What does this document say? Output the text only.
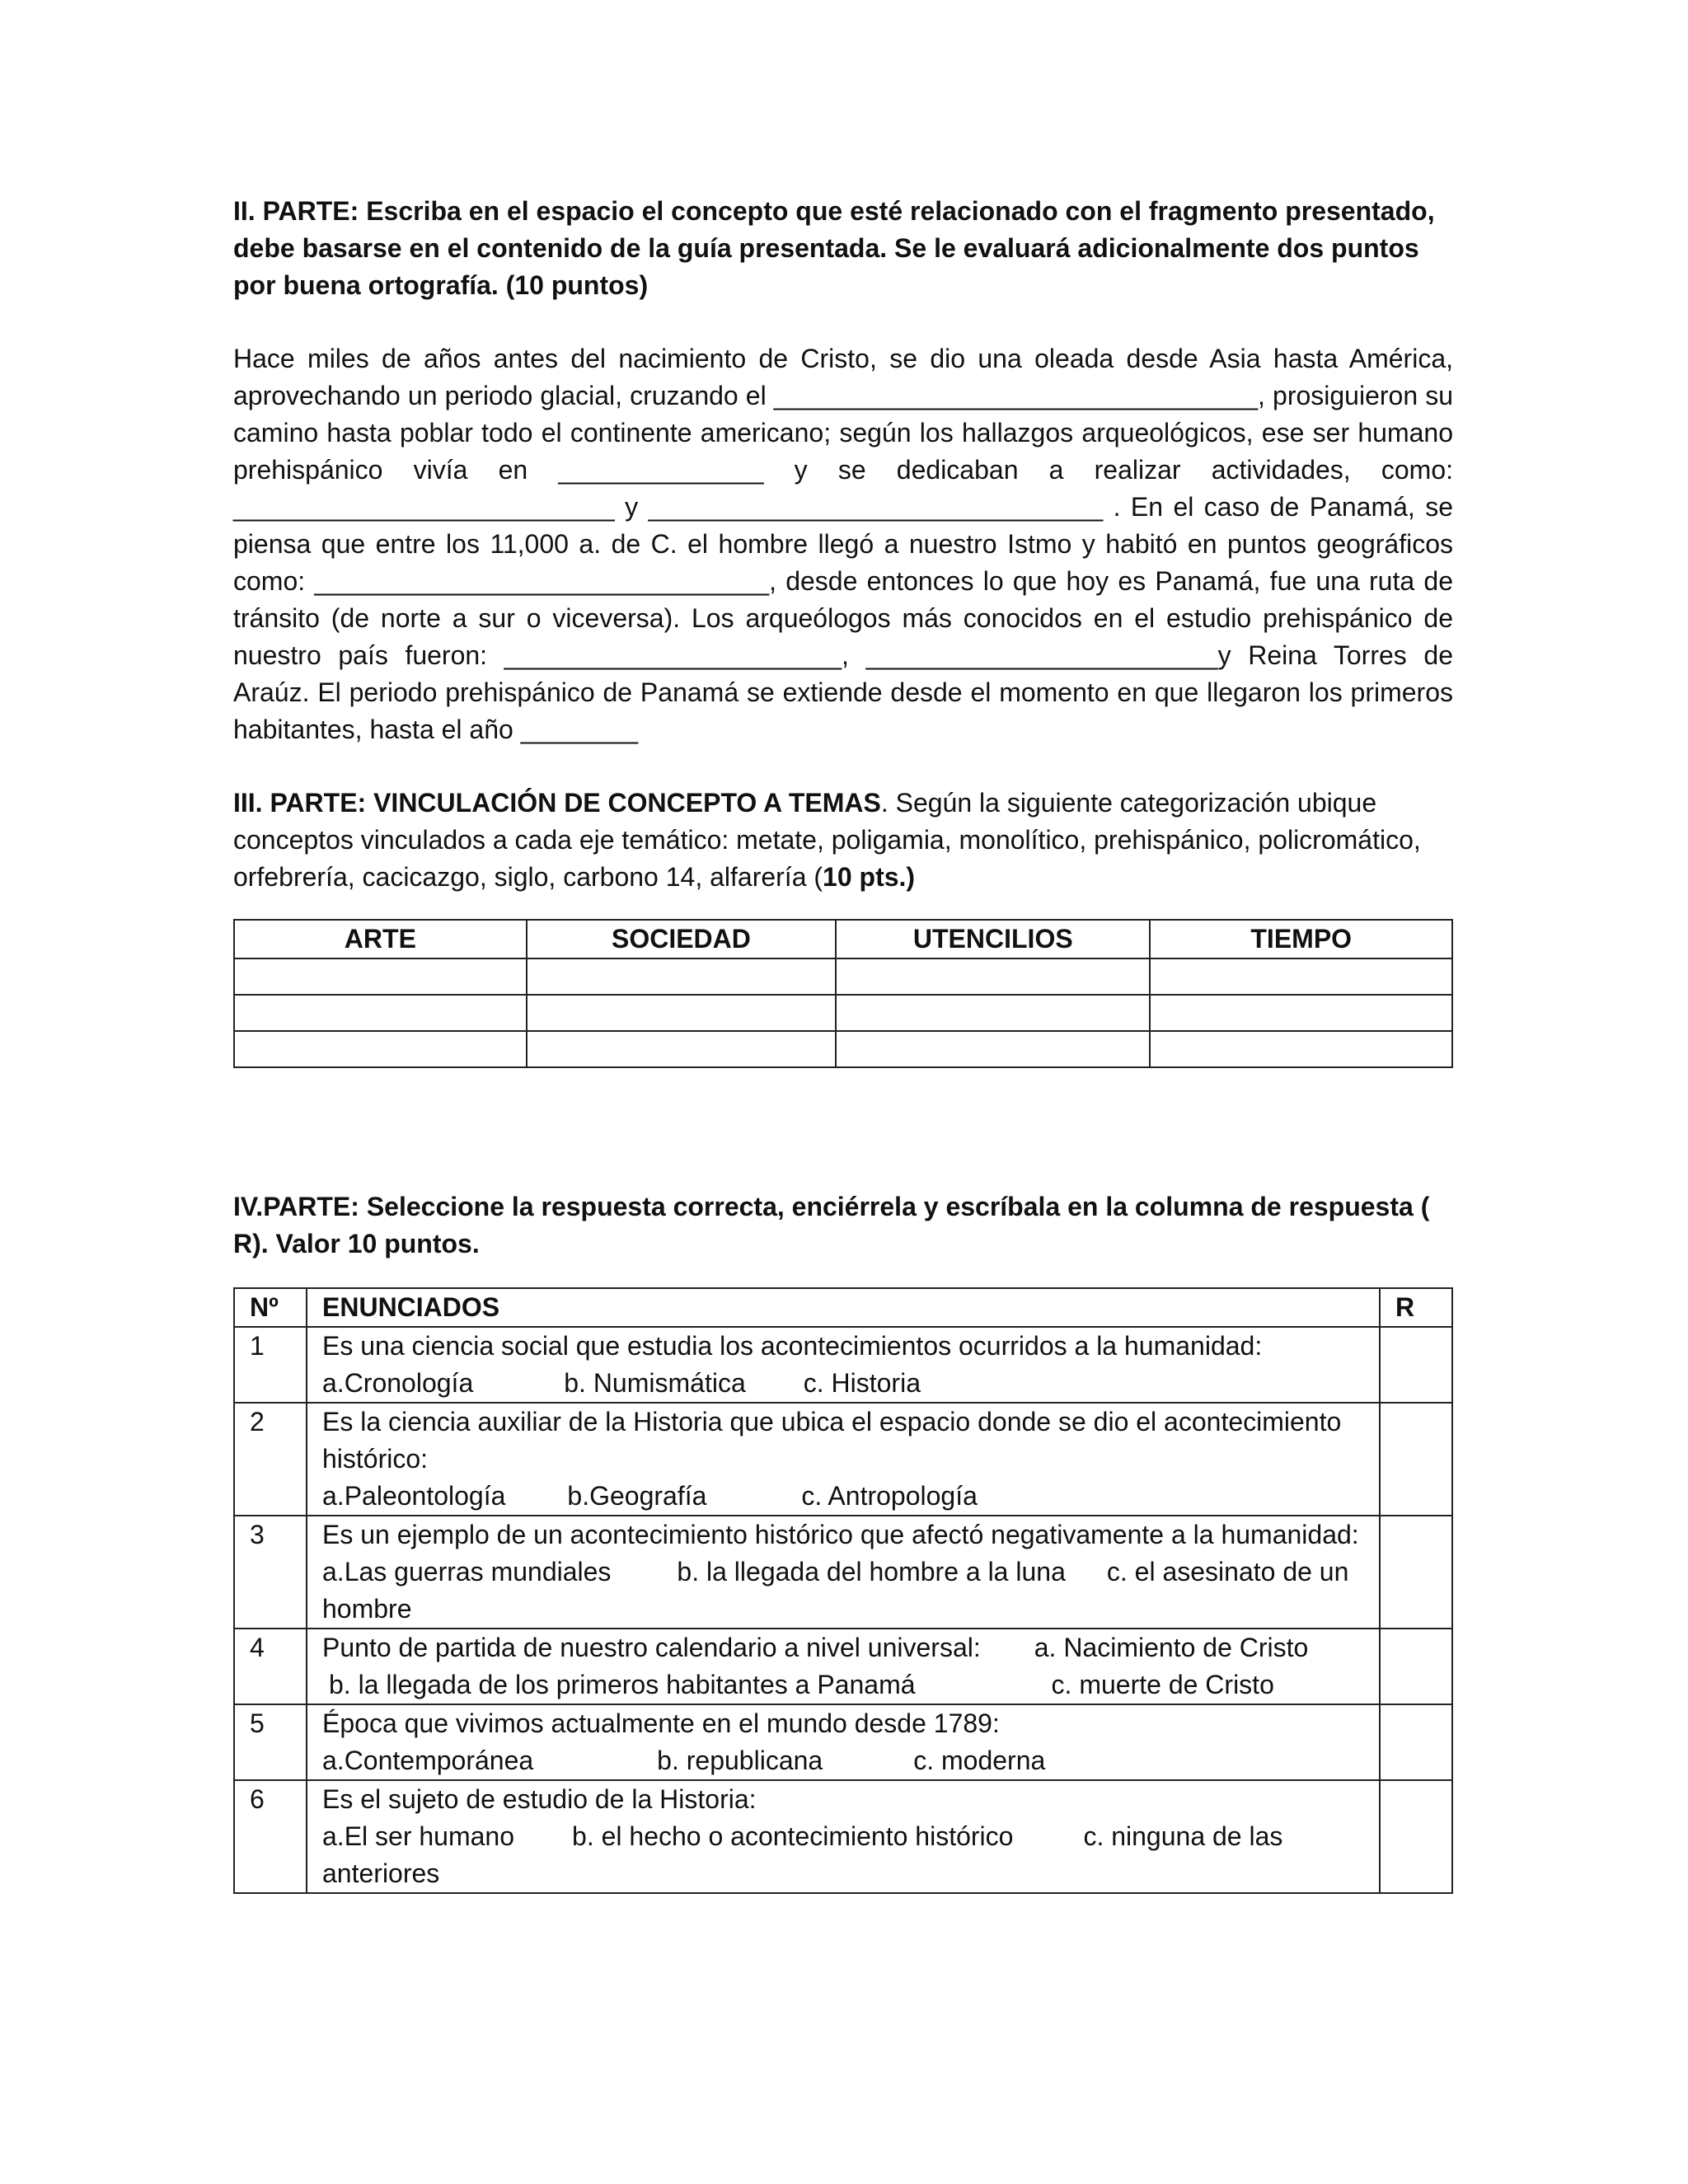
II. PARTE: Escriba en el espacio el concepto que esté relacionado con el fragmento presentado, debe basarse en el contenido de la guía presentada. Se le evaluará adicionalmente dos puntos por buena ortografía. (10 puntos)

Hace miles de años antes del nacimiento de Cristo, se dio una oleada desde Asia hasta América, aprovechando un periodo glacial, cruzando el _________________________________, prosiguieron su camino hasta poblar todo el continente americano; según los hallazgos arqueológicos, ese ser humano prehispánico vivía en ______________ y se dedicaban a realizar actividades, como: __________________________ y _______________________________ . En el caso de Panamá, se piensa que entre los 11,000 a. de C. el hombre llegó a nuestro Istmo y habitó en puntos geográficos como: _______________________________, desde entonces lo que hoy es Panamá, fue una ruta de tránsito (de norte a sur o viceversa). Los arqueólogos más conocidos en el estudio prehispánico de nuestro país fueron: _______________________, ________________________y Reina Torres de Araúz. El periodo prehispánico de Panamá se extiende desde el momento en que llegaron los primeros habitantes, hasta el año ________

III. PARTE: VINCULACIÓN DE CONCEPTO A TEMAS. Según la siguiente categorización ubique conceptos vinculados a cada eje temático: metate, poligamia, monolítico, prehispánico, policromático, orfebrería, cacicazgo, siglo, carbono 14, alfarería (10 pts.)

ARTE	SOCIEDAD	UTENCILIOS	TIEMPO

IV.PARTE: Seleccione la respuesta correcta, enciérrela y escríbala en la columna de respuesta ( R). Valor 10 puntos.

Nº	ENUNCIADOS	R
1	Es una ciencia social que estudia los acontecimientos ocurridos a la humanidad:
a.Cronología b. Numismática c. Historia	

2	Es la ciencia auxiliar de la Historia que ubica el espacio donde se dio el acontecimiento histórico:
a.Paleontología b.Geografía c. Antropología	

3	Es un ejemplo de un acontecimiento histórico que afectó negativamente a la humanidad:
a.Las guerras mundiales b. la llegada del hombre a la luna c. el asesinato de un hombre	

4	Punto de partida de nuestro calendario a nivel universal: a. Nacimiento de Cristo
b. la llegada de los primeros habitantes a Panamá c. muerte de Cristo	

5	Época que vivimos actualmente en el mundo desde 1789:
a.Contemporánea b. republicana c. moderna	

6	Es el sujeto de estudio de la Historia:
a.El ser humano b. el hecho o acontecimiento histórico c. ninguna de las anteriores	
